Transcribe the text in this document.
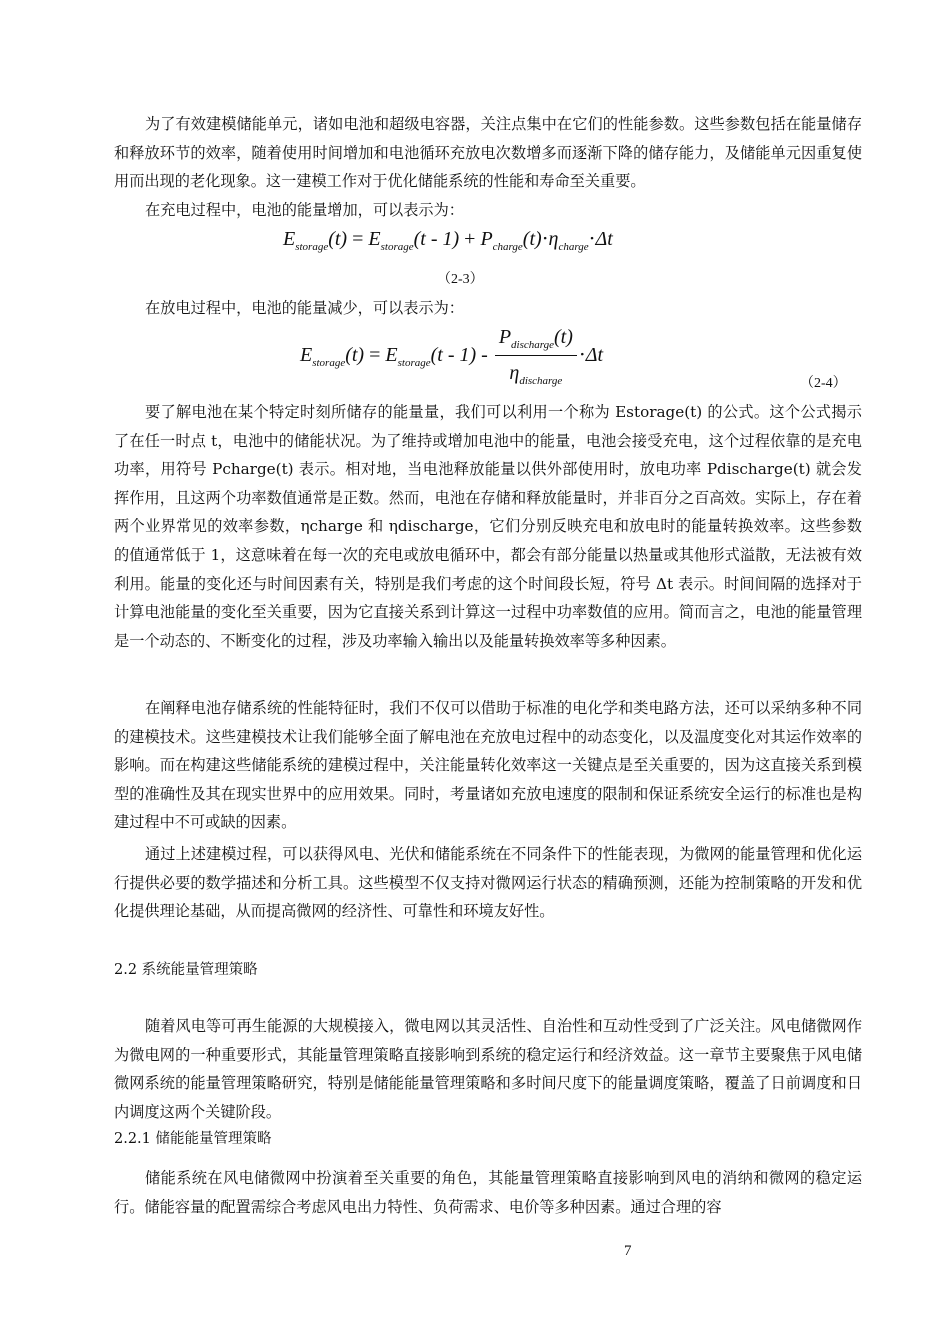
为了有效建模储能单元，诸如电池和超级电容器，关注点集中在它们的性能参数。这些参数包括在能量储存和释放环节的效率，随着使用时间增加和电池循环充放电次数增多而逐渐下降的储存能力，及储能单元因重复使用而出现的老化现象。这一建模工作对于优化储能系统的性能和寿命至关重要。

在充电过程中，电池的能量增加，可以表示为：

$E_{storage}(t) = E_{storage}(t - 1) + P_{charge}(t)\cdot\eta_{charge}\cdot\Delta t$
（2-3）

在放电过程中，电池的能量减少，可以表示为：

$E_{storage}(t) = E_{storage}(t - 1) - \frac{P_{discharge}(t)}{\eta_{discharge}} \cdot\Delta t$
（2-4）

要了解电池在某个特定时刻所储存的能量量，我们可以利用一个称为 Estorage(t) 的公式。这个公式揭示了在任一时点 t，电池中的储能状况。为了维持或增加电池中的能量，电池会接受充电，这个过程依靠的是充电功率，用符号 Pcharge(t) 表示。相对地，当电池释放能量以供外部使用时，放电功率 Pdischarge(t) 就会发挥作用，且这两个功率数值通常是正数。然而，电池在存储和释放能量时，并非百分之百高效。实际上，存在着两个业界常见的效率参数，ηcharge 和 ηdischarge，它们分别反映充电和放电时的能量转换效率。这些参数的值通常低于 1，这意味着在每一次的充电或放电循环中，都会有部分能量以热量或其他形式溢散，无法被有效利用。能量的变化还与时间因素有关，特别是我们考虑的这个时间段长短，符号 Δt 表示。时间间隔的选择对于计算电池能量的变化至关重要，因为它直接关系到计算这一过程中功率数值的应用。简而言之，电池的能量管理是一个动态的、不断变化的过程，涉及功率输入输出以及能量转换效率等多种因素。

在阐释电池存储系统的性能特征时，我们不仅可以借助于标准的电化学和类电路方法，还可以采纳多种不同的建模技术。这些建模技术让我们能够全面了解电池在充放电过程中的动态变化，以及温度变化对其运作效率的影响。而在构建这些储能系统的建模过程中，关注能量转化效率这一关键点是至关重要的，因为这直接关系到模型的准确性及其在现实世界中的应用效果。同时，考量诸如充放电速度的限制和保证系统安全运行的标准也是构建过程中不可或缺的因素。

通过上述建模过程，可以获得风电、光伏和储能系统在不同条件下的性能表现，为微网的能量管理和优化运行提供必要的数学描述和分析工具。这些模型不仅支持对微网运行状态的精确预测，还能为控制策略的开发和优化提供理论基础，从而提高微网的经济性、可靠性和环境友好性。

2.2 系统能量管理策略

随着风电等可再生能源的大规模接入，微电网以其灵活性、自治性和互动性受到了广泛关注。风电储微网作为微电网的一种重要形式，其能量管理策略直接影响到系统的稳定运行和经济效益。这一章节主要聚焦于风电储微网系统的能量管理策略研究，特别是储能能量管理策略和多时间尺度下的能量调度策略，覆盖了日前调度和日内调度这两个关键阶段。

2.2.1 储能能量管理策略

储能系统在风电储微网中扮演着至关重要的角色，其能量管理策略直接影响到风电的消纳和微网的稳定运行。储能容量的配置需综合考虑风电出力特性、负荷需求、电价等多种因素。通过合理的容

7
